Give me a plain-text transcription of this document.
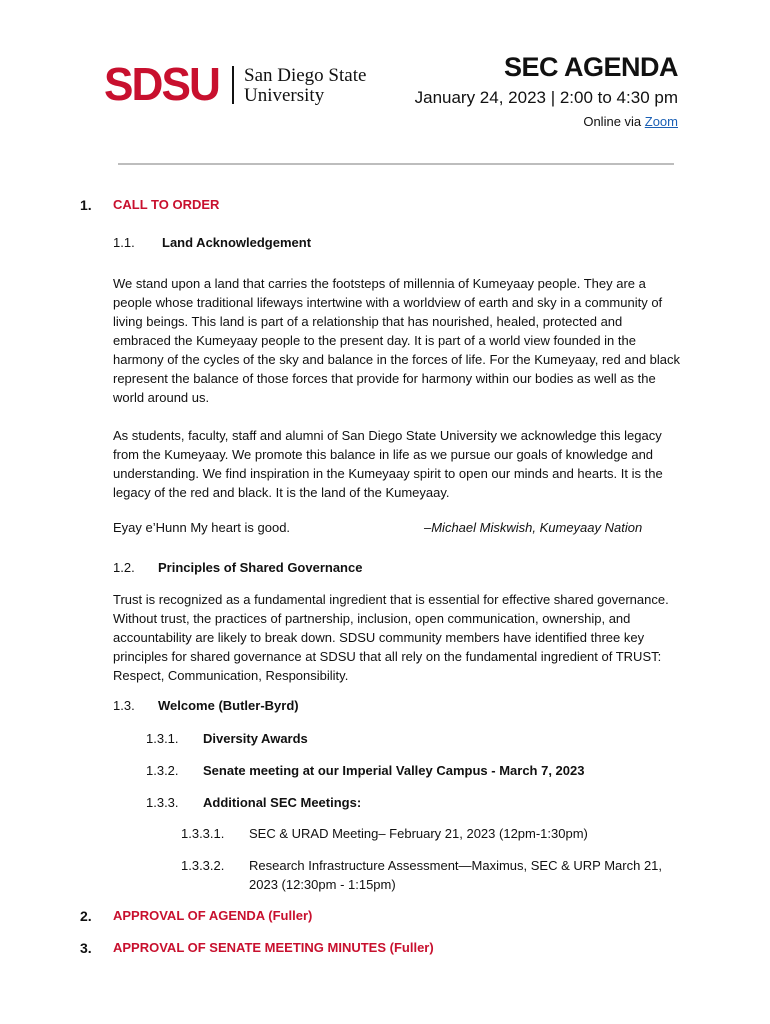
SDSU San Diego State
University
SEC AGENDA
January 24, 2023 | 2:00 to 4:30 pm
Online via Zoom
1. CALL TO ORDER
1.1. Land Acknowledgement
We stand upon a land that carries the footsteps of millennia of Kumeyaay people. They are a people whose traditional lifeways intertwine with a worldview of earth and sky in a community of living beings. This land is part of a relationship that has nourished, healed, protected and embraced the Kumeyaay people to the present day. It is part of a world view founded in the harmony of the cycles of the sky and balance in the forces of life. For the Kumeyaay, red and black represent the balance of those forces that provide for harmony within our bodies as well as the world around us.
As students, faculty, staff and alumni of San Diego State University we acknowledge this legacy from the Kumeyaay. We promote this balance in life as we pursue our goals of knowledge and understanding. We find inspiration in the Kumeyaay spirit to open our minds and hearts. It is the legacy of the red and black. It is the land of the Kumeyaay.
Eyay e’Hunn My heart is good.	–Michael Miskwish, Kumeyaay Nation
1.2. Principles of Shared Governance
Trust is recognized as a fundamental ingredient that is essential for effective shared governance. Without trust, the practices of partnership, inclusion, open communication, ownership, and accountability are likely to break down. SDSU community members have identified three key principles for shared governance at SDSU that all rely on the fundamental ingredient of TRUST: Respect, Communication, Responsibility.
1.3. Welcome (Butler-Byrd)
1.3.1. Diversity Awards
1.3.2. Senate meeting at our Imperial Valley Campus - March 7, 2023
1.3.3. Additional SEC Meetings:
1.3.3.1. SEC & URAD Meeting– February 21, 2023 (12pm-1:30pm)
1.3.3.2. Research Infrastructure Assessment—Maximus, SEC & URP March 21,
2023 (12:30pm - 1:15pm)
2. APPROVAL OF AGENDA (Fuller)
3. APPROVAL OF SENATE MEETING MINUTES (Fuller)
